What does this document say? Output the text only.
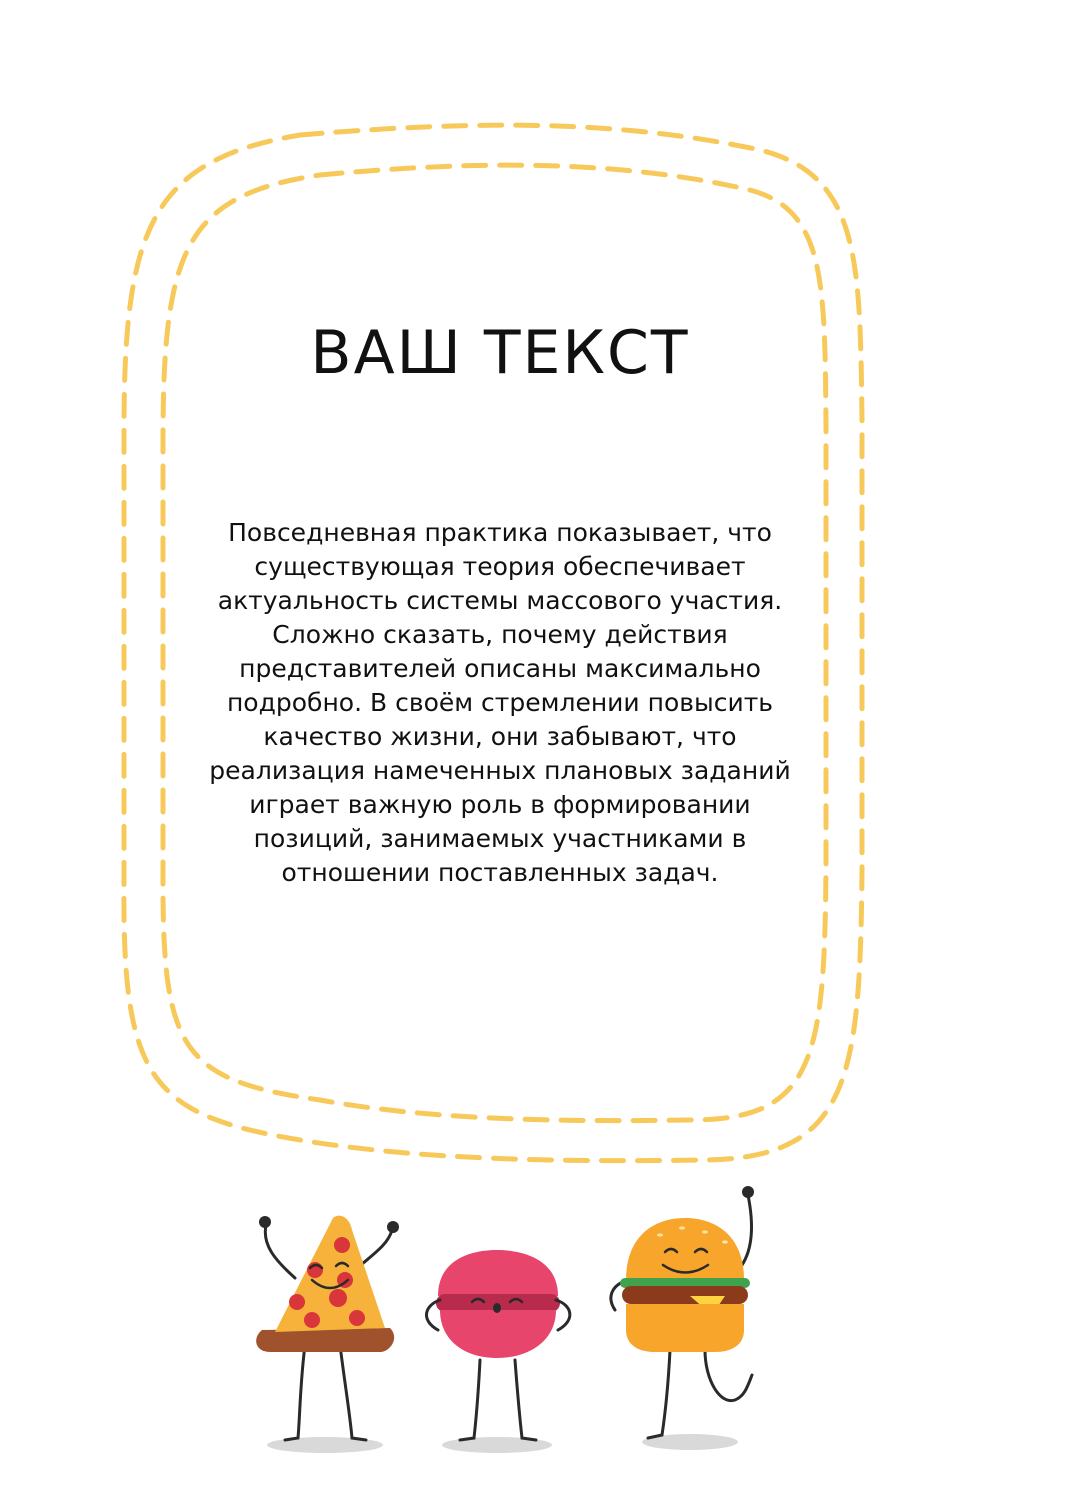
ВАШ ТЕКСТ

Повседневная практика показывает, что существующая теория обеспечивает актуальность системы массового участия. Сложно сказать, почему действия представителей описаны максимально подробно. В своём стремлении повысить качество жизни, они забывают, что реализация намеченных плановых заданий играет важную роль в формировании позиций, занимаемых участниками в отношении поставленных задач.
